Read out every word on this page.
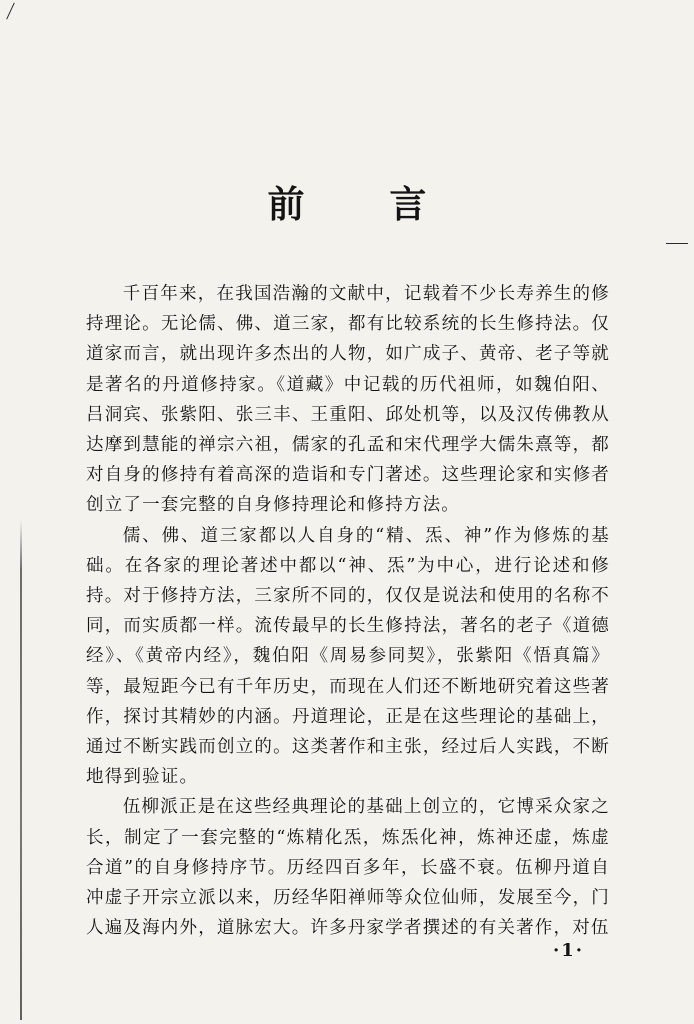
前 言

千百年来，在我国浩瀚的文献中，记载着不少长寿养生的修持理论。无论儒、佛、道三家，都有比较系统的长生修持法。仅道家而言，就出现许多杰出的人物，如广成子、黄帝、老子等就是著名的丹道修持家。《道藏》中记载的历代祖师，如魏伯阳、吕洞宾、张紫阳、张三丰、王重阳、邱处机等，以及汉传佛教从达摩到慧能的禅宗六祖，儒家的孔孟和宋代理学大儒朱熹等，都对自身的修持有着高深的造诣和专门著述。这些理论家和实修者创立了一套完整的自身修持理论和修持方法。

儒、佛、道三家都以人自身的“精、炁、神”作为修炼的基础。在各家的理论著述中都以“神、炁”为中心，进行论述和修持。对于修持方法，三家所不同的，仅仅是说法和使用的名称不同，而实质都一样。流传最早的长生修持法，著名的老子《道德经》、《黄帝内经》，魏伯阳《周易参同契》，张紫阳《悟真篇》等，最短距今已有千年历史，而现在人们还不断地研究着这些著作，探讨其精妙的内涵。丹道理论，正是在这些理论的基础上，通过不断实践而创立的。这类著作和主张，经过后人实践，不断地得到验证。

伍柳派正是在这些经典理论的基础上创立的，它博采众家之长，制定了一套完整的“炼精化炁，炼炁化神，炼神还虚，炼虚合道”的自身修持序节。历经四百多年，长盛不衰。伍柳丹道自冲虚子开宗立派以来，历经华阳禅师等众位仙师，发展至今，门人遍及海内外，道脉宏大。许多丹家学者撰述的有关著作，对伍

·1·
